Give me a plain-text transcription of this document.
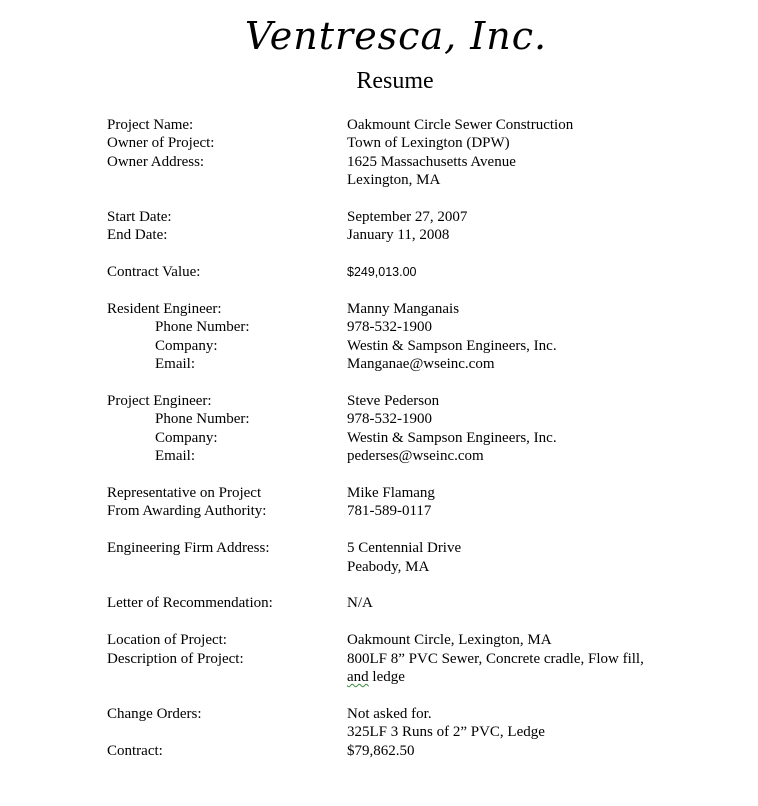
Ventresca, Inc.
Resume
Project Name:	Oakmount Circle Sewer Construction
Owner of Project:	Town of Lexington (DPW)
Owner Address:	1625 Massachusetts Avenue
Lexington, MA
Start Date:	September 27, 2007
End Date:	January 11, 2008
Contract Value:	$249,013.00
Resident Engineer:	Manny Manganais
Phone Number:	978-532-1900
Company:	Westin & Sampson Engineers, Inc.
Email:	Manganae@wseinc.com
Project Engineer:	Steve Pederson
Phone Number:	978-532-1900
Company:	Westin & Sampson Engineers, Inc.
Email:	pederses@wseinc.com
Representative on Project	Mike Flamang
From Awarding Authority:	781-589-0117
Engineering Firm Address:	5 Centennial Drive
Peabody, MA
Letter of Recommendation:	N/A
Location of Project:	Oakmount Circle, Lexington, MA
Description of Project:	800LF 8” PVC Sewer, Concrete cradle, Flow fill,
and ledge
Change Orders:	Not asked for.
325LF 3 Runs of 2” PVC, Ledge
Contract:	$79,862.50
